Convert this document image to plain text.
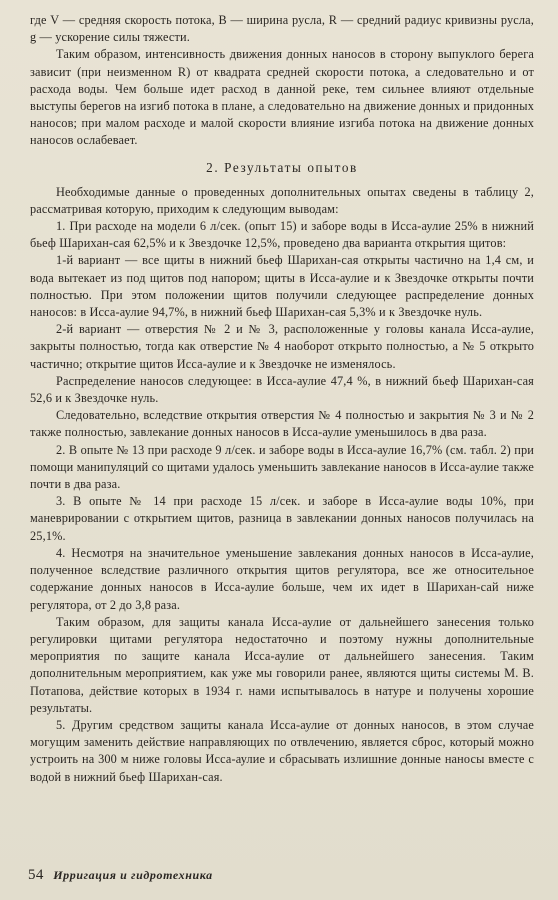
где V — средняя скорость потока, B — ширина русла, R — средний радиус кривизны русла, g — ускорение силы тяжести.

Таким образом, интенсивность движения донных наносов в сторону выпуклого берега зависит (при неизменном R) от квадрата средней скорости потока, а следовательно и от расхода воды. Чем больше идет расход в данной реке, тем сильнее влияют отдельные выступы берегов на изгиб потока в плане, а следовательно на движение донных и придонных наносов; при малом расходе и малой скорости влияние изгиба потока на движение донных наносов ослабевает.

2. Результаты опытов

Необходимые данные о проведенных дополнительных опытах сведены в таблицу 2, рассматривая которую, приходим к следующим выводам:

1. При расходе на модели 6 л/сек. (опыт 15) и заборе воды в Исса-аулие 25% в нижний бьеф Шарихан-сая 62,5% и к Звездочке 12,5%, проведено два варианта открытия щитов:

1-й вариант — все щиты в нижний бьеф Шарихан-сая открыты частично на 1,4 см, и вода вытекает из под щитов под напором; щиты в Исса-аулие и к Звездочке открыты почти полностью. При этом положении щитов получили следующее распределение донных наносов: в Исса-аулие 94,7%, в нижний бьеф Шарихан-сая 5,3% и к Звездочке нуль.

2-й вариант — отверстия № 2 и № 3, расположенные у головы канала Исса-аулие, закрыты полностью, тогда как отверстие № 4 наоборот открыто полностью, а № 5 открыто частично; открытие щитов Исса-аулие и к Звездочке не изменялось.

Распределение наносов следующее: в Исса-аулие 47,4 %, в нижний бьеф Шарихан-сая 52,6 и к Звездочке нуль.

Следовательно, вследствие открытия отверстия № 4 полностью и закрытия № 3 и № 2 также полностью, завлекание донных наносов в Исса-аулие уменьшилось в два раза.

2. В опыте № 13 при расходе 9 л/сек. и заборе воды в Исса-аулие 16,7% (см. табл. 2) при помощи манипуляций со щитами удалось уменьшить завлекание наносов в Исса-аулие также почти в два раза.

3. В опыте № 14 при расходе 15 л/сек. и заборе в Исса-аулие воды 10%, при маневрировании с открытием щитов, разница в завлекании донных наносов получилась на 25,1%.

4. Несмотря на значительное уменьшение завлекания донных наносов в Исса-аулие, полученное вследствие различного открытия щитов регулятора, все же относительное содержание донных наносов в Исса-аулие больше, чем их идет в Шарихан-сай ниже регулятора, от 2 до 3,8 раза.

Таким образом, для защиты канала Исса-аулие от дальнейшего занесения только регулировки щитами регулятора недостаточно и поэтому нужны дополнительные мероприятия по защите канала Исса-аулие от дальнейшего занесения. Таким дополнительным мероприятием, как уже мы говорили ранее, являются щиты системы М. В. Потапова, действие которых в 1934 г. нами испытывалось в натуре и получены хорошие результаты.

5. Другим средством защиты канала Исса-аулие от донных наносов, в этом случае могущим заменить действие направляющих по отвлечению, является сброс, который можно устроить на 300 м ниже головы Исса-аулие и сбрасывать излишние донные наносы вместе с водой в нижний бьеф Шарихан-сая.

54 Ирригация и гидротехника
